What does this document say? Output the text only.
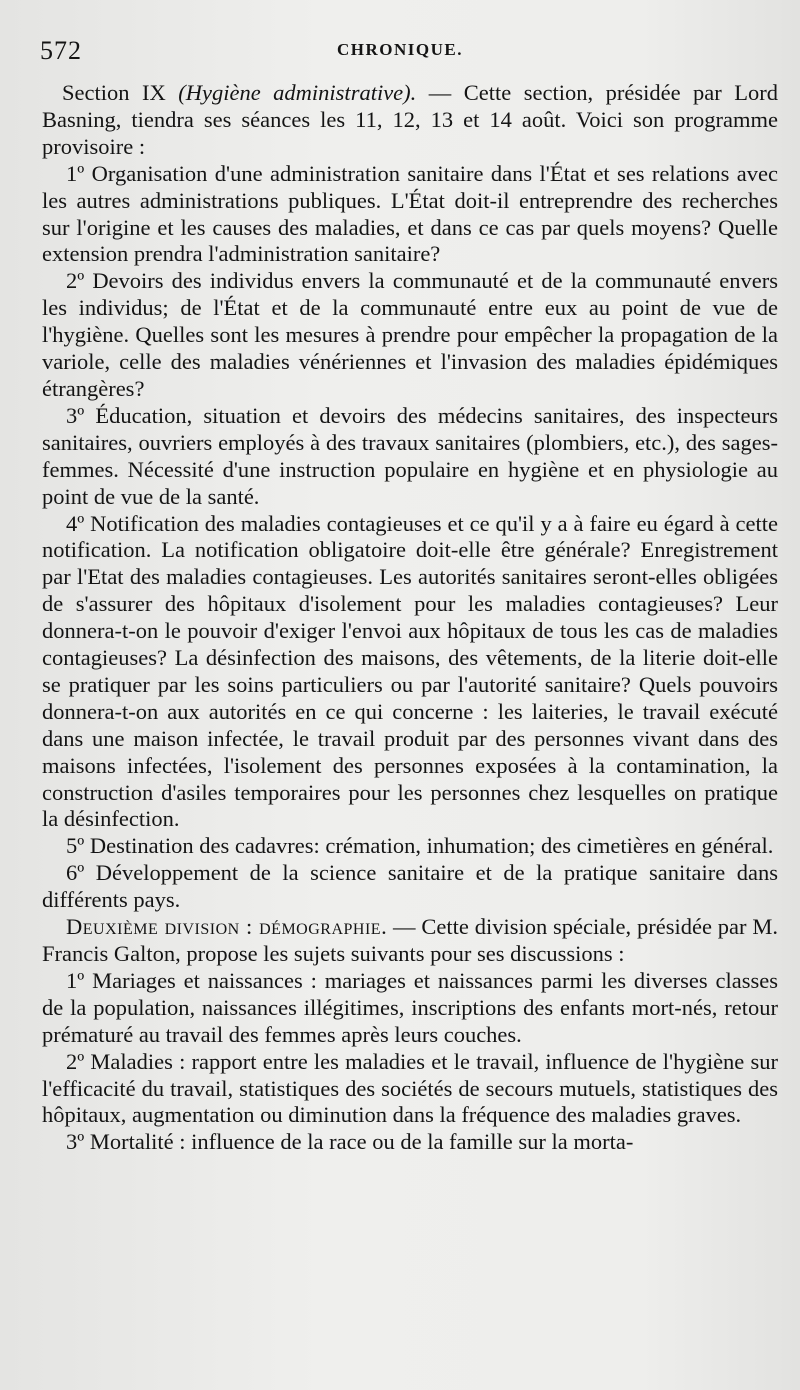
572	CHRONIQUE.

Section IX (Hygiène administrative). — Cette section, présidée par Lord Basning, tiendra ses séances les 11, 12, 13 et 14 août. Voici son programme provisoire :

1º Organisation d'une administration sanitaire dans l'État et ses relations avec les autres administrations publiques. L'État doit-il entreprendre des recherches sur l'origine et les causes des maladies, et dans ce cas par quels moyens? Quelle extension prendra l'administration sanitaire?

2º Devoirs des individus envers la communauté et de la communauté envers les individus; de l'État et de la communauté entre eux au point de vue de l'hygiène. Quelles sont les mesures à prendre pour empêcher la propagation de la variole, celle des maladies vénériennes et l'invasion des maladies épidémiques étrangères?

3º Éducation, situation et devoirs des médecins sanitaires, des inspecteurs sanitaires, ouvriers employés à des travaux sanitaires (plombiers, etc.), des sages-femmes. Nécessité d'une instruction populaire en hygiène et en physiologie au point de vue de la santé.

4º Notification des maladies contagieuses et ce qu'il y a à faire eu égard à cette notification. La notification obligatoire doit-elle être générale? Enregistrement par l'Etat des maladies contagieuses. Les autorités sanitaires seront-elles obligées de s'assurer des hôpitaux d'isolement pour les maladies contagieuses? Leur donnera-t-on le pouvoir d'exiger l'envoi aux hôpitaux de tous les cas de maladies contagieuses? La désinfection des maisons, des vêtements, de la literie doit-elle se pratiquer par les soins particuliers ou par l'autorité sanitaire? Quels pouvoirs donnera-t-on aux autorités en ce qui concerne : les laiteries, le travail exécuté dans une maison infectée, le travail produit par des personnes vivant dans des maisons infectées, l'isolement des personnes exposées à la contamination, la construction d'asiles temporaires pour les personnes chez lesquelles on pratique la désinfection.

5º Destination des cadavres: crémation, inhumation; des cimetières en général.

6º Développement de la science sanitaire et de la pratique sanitaire dans différents pays.

Deuxième division : démographie. — Cette division spéciale, présidée par M. Francis Galton, propose les sujets suivants pour ses discussions :

1º Mariages et naissances : mariages et naissances parmi les diverses classes de la population, naissances illégitimes, inscriptions des enfants mort-nés, retour prématuré au travail des femmes après leurs couches.

2º Maladies : rapport entre les maladies et le travail, influence de l'hygiène sur l'efficacité du travail, statistiques des sociétés de secours mutuels, statistiques des hôpitaux, augmentation ou diminution dans la fréquence des maladies graves.

3º Mortalité : influence de la race ou de la famille sur la morta-
